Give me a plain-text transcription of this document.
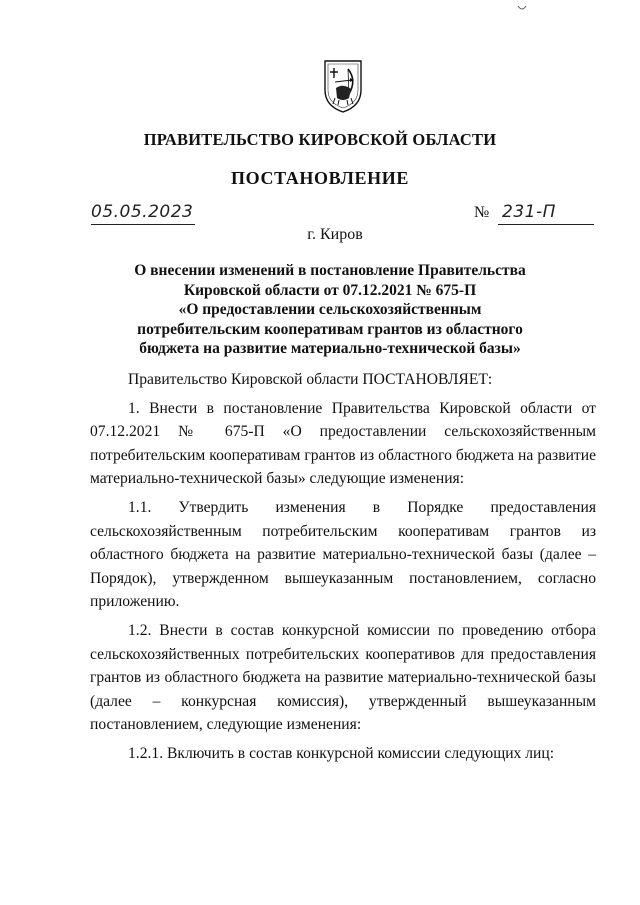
ПРАВИТЕЛЬСТВО КИРОВСКОЙ ОБЛАСТИ
ПОСТАНОВЛЕНИЕ
05.05.2023	№ 231-П
г. Киров
О внесении изменений в постановление Правительства
Кировской области от 07.12.2021 № 675-П
«О предоставлении сельскохозяйственным
потребительским кооперативам грантов из областного
бюджета на развитие материально-технической базы»
Правительство Кировской области ПОСТАНОВЛЯЕТ:

1. Внести в постановление Правительства Кировской области от 07.12.2021 № 675-П «О предоставлении сельскохозяйственным потребительским кооперативам грантов из областного бюджета на развитие материально-технической базы» следующие изменения:

1.1. Утвердить изменения в Порядке предоставления сельскохозяйственным потребительским кооперативам грантов из областного бюджета на развитие материально-технической базы (далее – Порядок), утвержденном вышеуказанным постановлением, согласно приложению.

1.2. Внести в состав конкурсной комиссии по проведению отбора сельскохозяйственных потребительских кооперативов для предоставления грантов из областного бюджета на развитие материально-технической базы (далее – конкурсная комиссия), утвержденный вышеуказанным постановлением, следующие изменения:

1.2.1. Включить в состав конкурсной комиссии следующих лиц:
